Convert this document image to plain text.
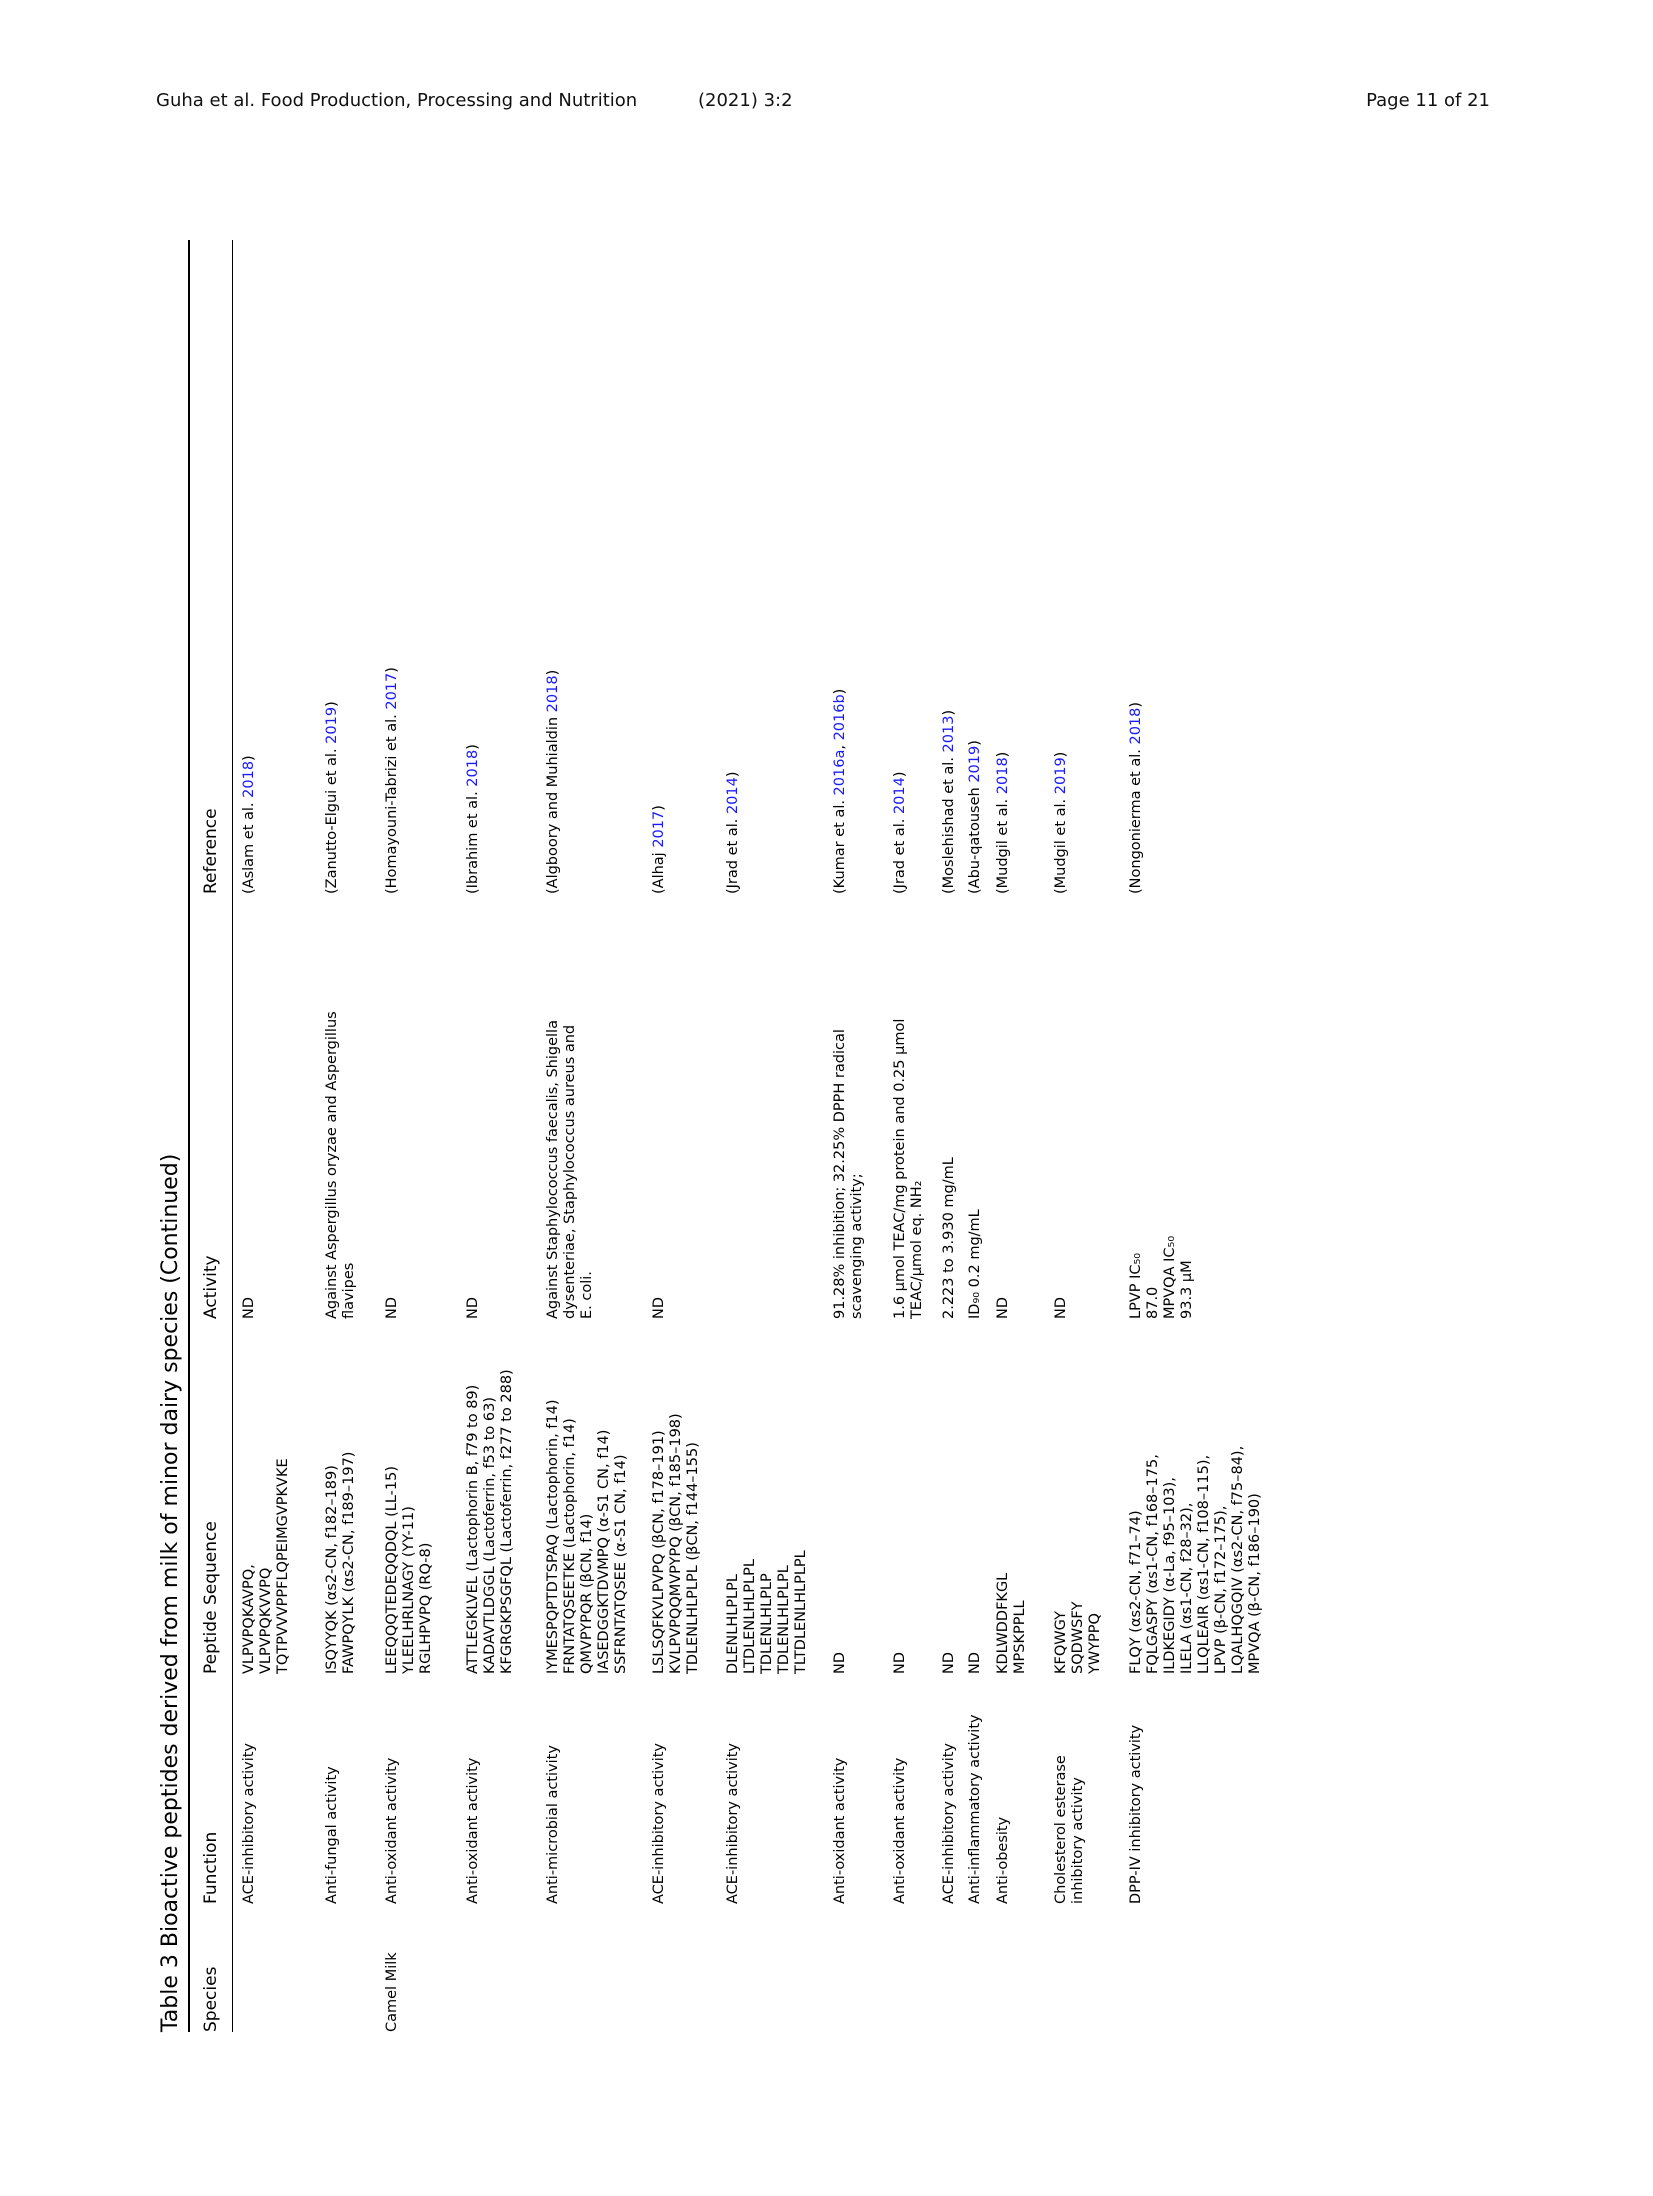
Guha et al. Food Production, Processing and Nutrition	(2021) 3:2	Page 11 of 21
Table 3 Bioactive peptides derived from milk of minor dairy species (Continued) Species
Function
Peptide Sequence
Activity
Reference
ACE-inhibitory activity
VLPVPQKAVPQ, VLPVPQKVVPQ TQTPVVVPPFLQPEIMGVPKVKE
ND
(Aslam et al. 2018)
Anti-fungal activity
ISQYYQK (αs2-CN, f182–189) FAWPQYLK (αs2-CN, f189–197)
Against Aspergillus oryzae and Aspergillus flavipes
(Zanutto-Elgui et al. 2019)
Camel Milk
Anti-oxidant activity
LEEQQQTEDEQQDQL (LL-15) YLEELHRLNAGY (YY-11) RGLHPVPQ (RQ-8)
ND
(Homayouni-Tabrizi et al. 2017)
Anti-oxidant activity
ATTLEGKLVEL (Lactophorin B, f79 to 89) KADAVTLDGGL (Lactoferrin, f53 to 63) KFGRGKPSGFQL (Lactoferrin, f277 to 288)
ND
(Ibrahim et al. 2018)
Anti-microbial activity
IYMESPQPTDTSPAQ (Lactophorin, f14) FRNTATQSEETKE (Lactophorin, f14) QMVPYPQR (βCN, f14) IASEDGGKTDVMPQ (α-S1 CN, f14) SSFRNTATQSEE (α-S1 CN, f14)
Against Staphylococcus faecalis, Shigella dysenteriae, Staphylococcus aureus and E. coli.
(Algboory and Muhialdin 2018)
ACE-inhibitory activity
LSLSQFKVLPVPQ (βCN, f178–191) KVLPVPQQMVPYPQ (βCN, f185–198) TDLENLHLPLPL (βCN, f144–155)
ND
(Alhaj 2017)
ACE-inhibitory activity
DLENLHLPLPL LTDLENLHLPLPL TDLENLHLPLP TDLENLHLPLPL TLTDLENLHLPLPL
(Jrad et al. 2014)
Anti-oxidant activity
ND
91.28% inhibition; 32.25% DPPH radical scavenging activity;
(Kumar et al. 2016a, 2016b)
Anti-oxidant activity
ND
1.6 μmol TEAC/mg protein and 0.25 μmol TEAC/μmol eq. NH₂
(Jrad et al. 2014)
ACE-inhibitory activity
ND
2.223 to 3.930 mg/mL
(Moslehishad et al. 2013)
Anti-inflammatory activity
ND
ID₉₀ 0.2 mg/mL
(Abu-qatouseh 2019)
Anti-obesity
KDLWDDFKGL MPSKPPLL
ND
(Mudgil et al. 2018)
Cholesterol esterase inhibitory activity
KFQWGY SQDWSFY YWYPPQ
ND
(Mudgil et al. 2019)
DPP-IV inhibitory activity
FLQY (αs2-CN, f71–74) FQLGASPY (αs1-CN, f168–175, ILDKEGIDY (α-La, f95–103), ILELA (αs1-CN, f28–32), LLQLEAIR (αs1-CN, f108–115), LPVP (β-CN, f172–175), LQALHQGQIV (αs2-CN, f75–84), MPVQA (β-CN, f186–190)
LPVP IC₅₀ 87.0 MPVQA IC₅₀ 93.3 μM
(Nongonierma et al. 2018)
